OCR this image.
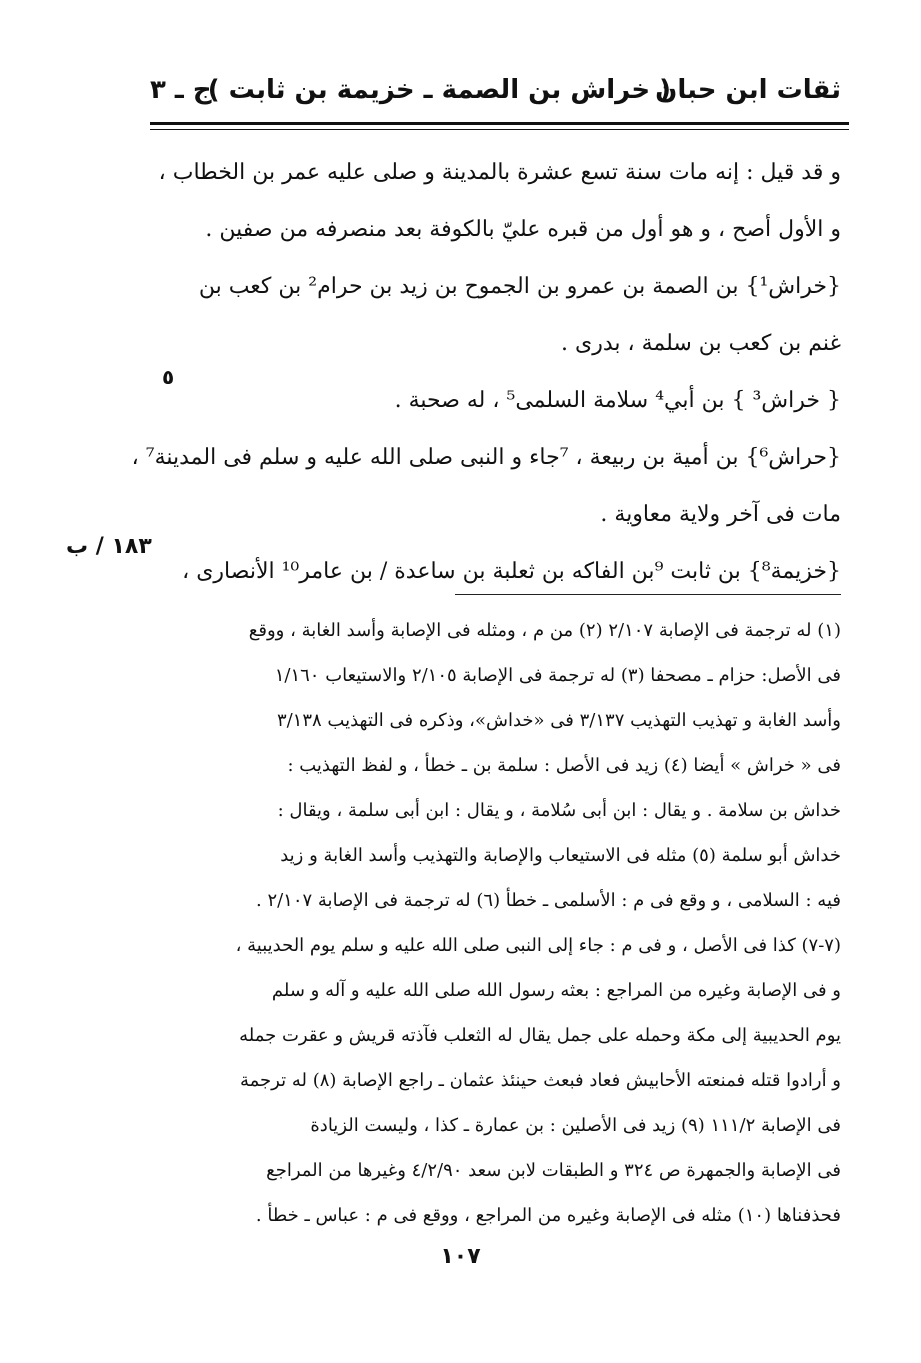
ثقات ابن حبان
( خراش بن الصمة ـ خزيمة بن ثابت )
ج ـ ٣
و قد قيل : إنه مات سنة تسع عشرة بالمدينة و صلى عليه عمر بن الخطاب ،
و الأول أصح ، و هو أول من قبره عليّ بالكوفة بعد منصرفه من صفين .
{خراش¹} بن الصمة بن عمرو بن الجموح بن زيد بن حرام² بن كعب بن
غنم بن كعب بن سلمة ، بدرى .
{ خراش³ } بن أبي⁴ سلامة السلمى⁵ ، له صحبة .
{حراش⁶} بن أمية بن ربيعة ، ⁷جاء و النبى صلى الله عليه و سلم فى المدينة⁷ ،
مات فى آخر ولاية معاوية .
{خزيمة⁸} بن ثابت ⁹بن الفاكه بن ثعلبة بن ساعدة / بن عامر¹⁰ الأنصارى ،
٥
١٨٣ / ب
(١) له ترجمة فى الإصابة ٢/١٠٧ (٢) من م ، ومثله فى الإصابة وأسد الغابة ، ووقع
فى الأصل: حزام ـ مصحفا (٣) له ترجمة فى الإصابة ٢/١٠٥ والاستيعاب ١/١٦٠
وأسد الغابة و تهذيب التهذيب ٣/١٣٧ فى «خداش»، وذكره فى التهذيب ٣/١٣٨
فى « خراش » أيضا (٤) زيد فى الأصل : سلمة بن ـ خطأ ، و لفظ التهذيب :
خداش بن سلامة . و يقال : ابن أبى سُلامة ، و يقال : ابن أبى سلمة ، ويقال :
خداش أبو سلمة (٥) مثله فى الاستيعاب والإصابة والتهذيب وأسد الغابة و زيد
فيه : السلامى ، و وقع فى م : الأسلمى ـ خطأ (٦) له ترجمة فى الإصابة ٢/١٠٧ .
(٧-٧) كذا فى الأصل ، و فى م : جاء إلى النبى صلى الله عليه و سلم يوم الحديبية ،
و فى الإصابة وغيره من المراجع : بعثه رسول الله صلى الله عليه و آله و سلم
يوم الحديبية إلى مكة وحمله على جمل يقال له الثعلب فآذته قريش و عقرت جمله
و أرادوا قتله فمنعته الأحابيش فعاد فبعث حينئذ عثمان ـ راجع الإصابة (٨) له ترجمة
فى الإصابة ١١١/٢ (٩) زيد فى الأصلين : بن عمارة ـ كذا ، وليست الزيادة
فى الإصابة والجمهرة ص ٣٢٤ و الطبقات لابن سعد ٤/٢/٩٠ وغيرها من المراجع
فحذفناها (١٠) مثله فى الإصابة وغيره من المراجع ، ووقع فى م : عباس ـ خطأ .
١٠٧
